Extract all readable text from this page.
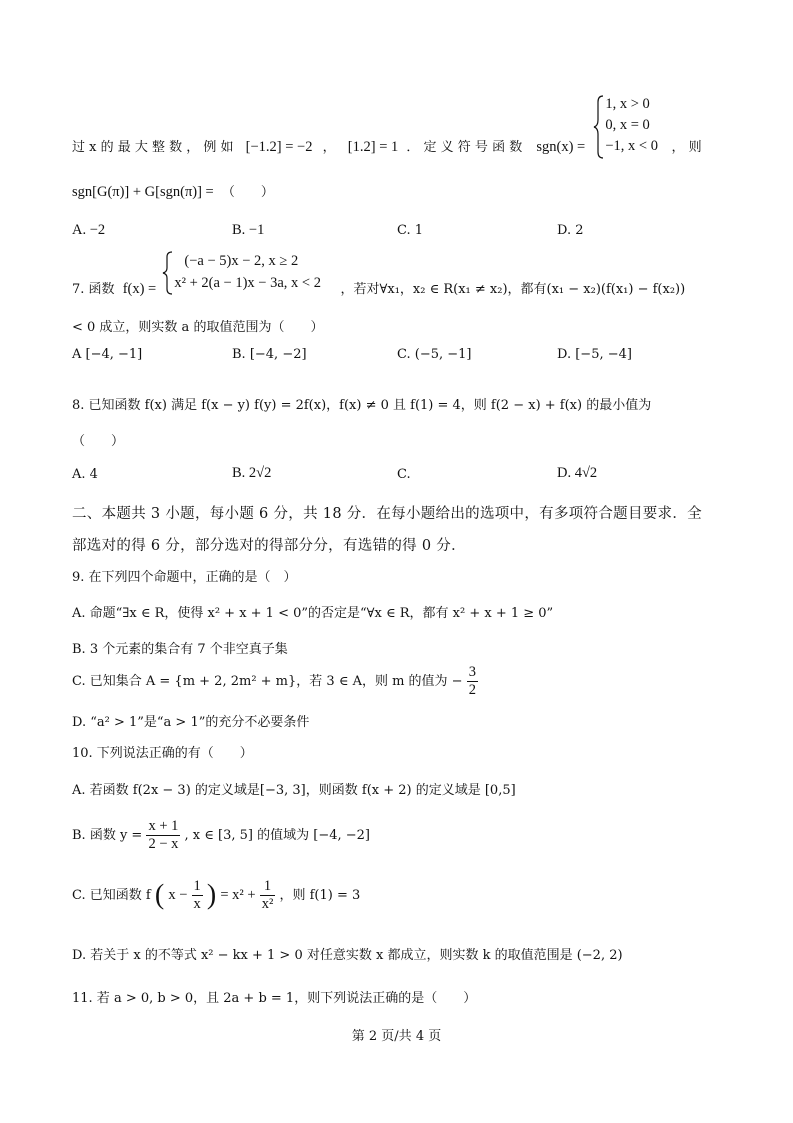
过 x 的 最 大 整 数 ， 例 如 [−1.2] = −2 ， [1.2] = 1 ． 定 义 符 号 函 数 sgn(x) =
1, x > 0
0, x = 0
−1, x < 0 ， 则
sgn[G(π)] + G[sgn(π)] = （　　）
A. −2	B. −1	C. 1	D. 2
7. 函数 f(x) =
(−a − 5)x − 2, x ≥ 2
x² + 2(a − 1)x − 3a, x < 2 ，若对∀x₁，x₂ ∈ R(x₁ ≠ x₂)，都有(x₁ − x₂)(f(x₁) − f(x₂))
< 0 成立，则实数 a 的取值范围为（　　）
A [−4, −1]	B. [−4, −2]	C. (−5, −1]	D. [−5, −4]
8. 已知函数 f(x) 满足 f(x − y) f(y) = 2f(x)，f(x) ≠ 0 且 f(1) = 4，则 f(2 − x) + f(x) 的最小值为
（　　）
A. 4	B. 2√2	C.	D. 4√2
二、本题共 3 小题，每小题 6 分，共 18 分．在每小题给出的选项中，有多项符合题目要求．全
部选对的得 6 分，部分选对的得部分分，有选错的得 0 分．
9. 在下列四个命题中，正确的是（　）
A. 命题“∃x ∈ R，使得 x² + x + 1 < 0”的否定是“∀x ∈ R，都有 x² + x + 1 ≥ 0”
B. 3 个元素的集合有 7 个非空真子集
C. 已知集合 A = {m + 2, 2m² + m}，若 3 ∈ A，则 m 的值为 − $\frac{3}{2}$
D. “a² > 1”是“a > 1”的充分不必要条件
10. 下列说法正确的有（　　）
A. 若函数 f(2x − 3) 的定义域是[−3, 3]，则函数 f(x + 2) 的定义域是 [0,5]
B. 函数 $y = \frac{x + 1}{2 - x}$ , x ∈ [3, 5] 的值域为 [−4, −2]
C. 已知函数 f ( $x - \frac{1}{x}$ ) = $x^2 + \frac{1}{\text{x²}}$ ，则 f(1) = 3
D. 若关于 x 的不等式 x² − kx + 1 > 0 对任意实数 x 都成立，则实数 k 的取值范围是 (−2, 2)
11. 若 a > 0, b > 0，且 2a + b = 1，则下列说法正确的是（　　）
第 2 页/共 4 页
